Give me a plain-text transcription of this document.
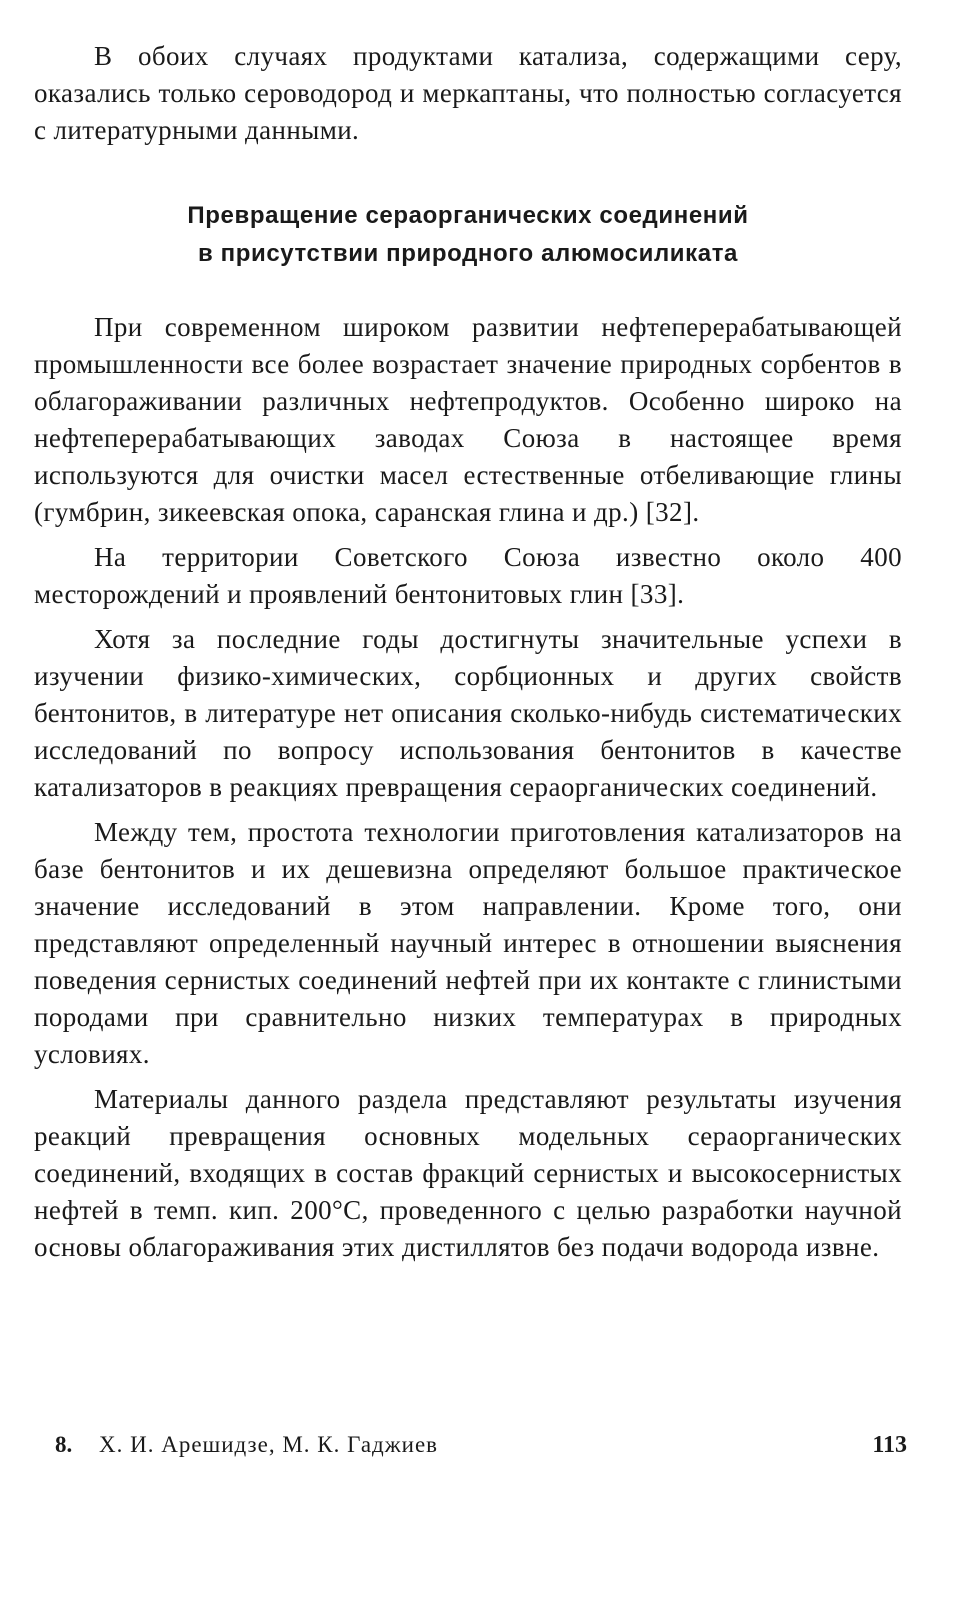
В обоих случаях продуктами катализа, содержащими серу, оказались только сероводород и меркаптаны, что полностью согласуется с литературными данными.

Превращение сераорганических соединений
в присутствии природного алюмосиликата

При современном широком развитии нефтеперерабатывающей промышленности все более возрастает значение природных сорбентов в облагораживании различных нефтепродуктов. Особенно широко на нефтеперерабатывающих заводах Союза в настоящее время используются для очистки масел естественные отбеливающие глины (гумбрин, зикеевская опока, саранская глина и др.) [32].

На территории Советского Союза известно около 400 месторождений и проявлений бентонитовых глин [33].

Хотя за последние годы достигнуты значительные успехи в изучении физико-химических, сорбционных и других свойств бентонитов, в литературе нет описания сколько-нибудь систематических исследований по вопросу использования бентонитов в качестве катализаторов в реакциях превращения сераорганических соединений.

Между тем, простота технологии приготовления катализаторов на базе бентонитов и их дешевизна определяют большое практическое значение исследований в этом направлении. Кроме того, они представляют определенный научный интерес в отношении выяснения поведения сернистых соединений нефтей при их контакте с глинистыми породами при сравнительно низких температурах в природных условиях.

Материалы данного раздела представляют результаты изучения реакций превращения основных модельных сераорганических соединений, входящих в состав фракций сернистых и высокосернистых нефтей в темп. кип. 200°С, проведенного с целью разработки научной основы облагораживания этих дистиллятов без подачи водорода извне.

8. Х. И. Арешидзе, М. К. Гаджиев	113
